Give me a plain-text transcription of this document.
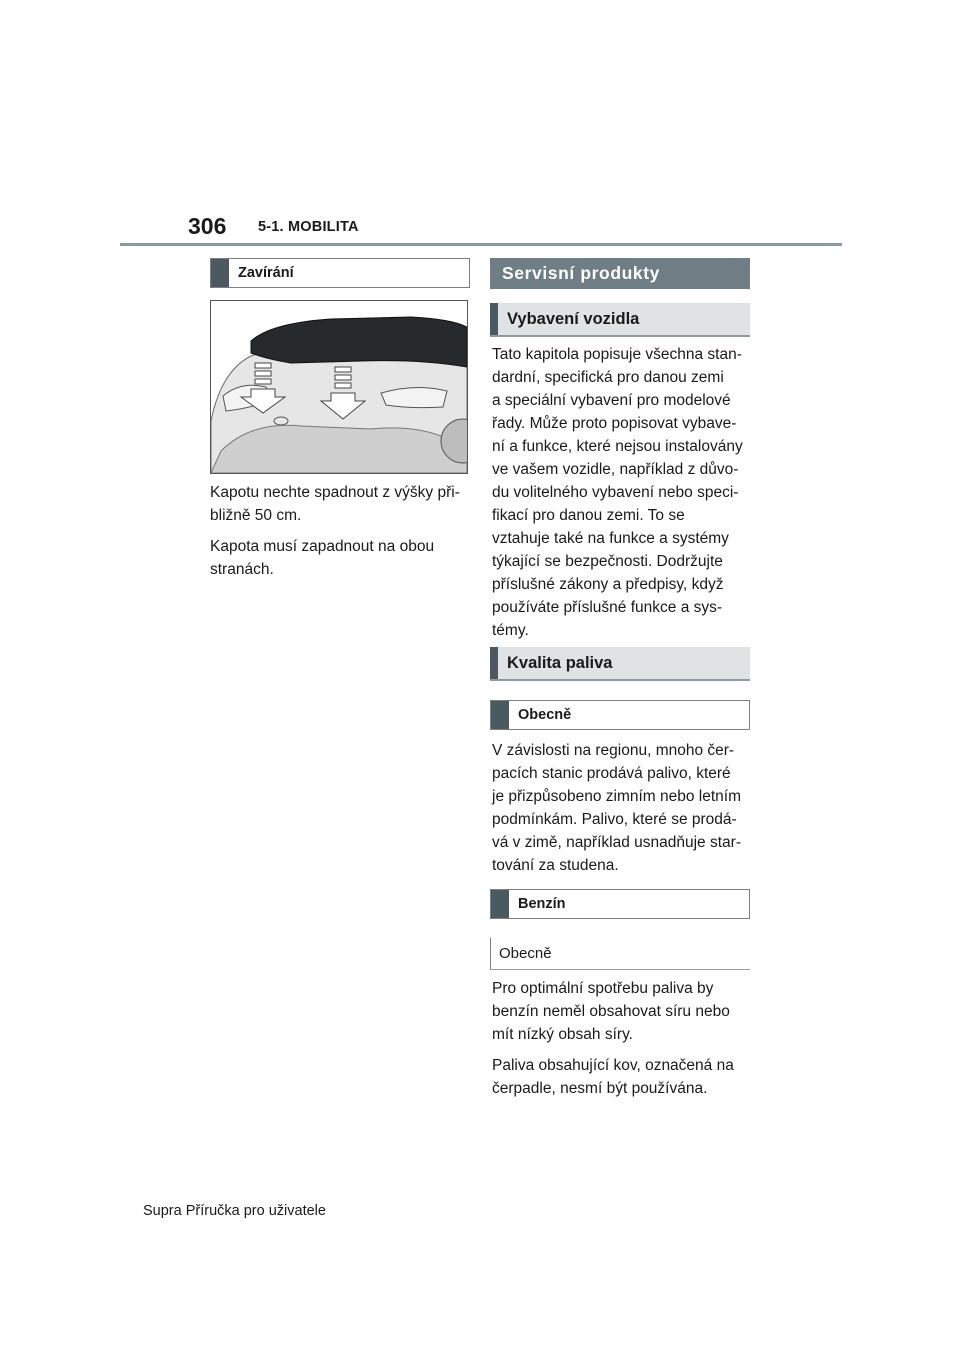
306 5-1. MOBILITA
Zavírání

Kapotu nechte spadnout z výšky při-
bližně 50 cm.

Kapota musí zapadnout na obou
stranách.

Servisní produkty
Vybavení vozidla

Tato kapitola popisuje všechna stan-
dardní, specifická pro danou zemi
a speciální vybavení pro modelové
řady. Může proto popisovat vybave-
ní a funkce, které nejsou instalovány
ve vašem vozidle, například z důvo-
du volitelného vybavení nebo speci-
fikací pro danou zemi. To se
vztahuje také na funkce a systémy
týkající se bezpečnosti. Dodržujte
příslušné zákony a předpisy, když
používáte příslušné funkce a sys-
témy.

Kvalita paliva
Obecně

V závislosti na regionu, mnoho čer-
pacích stanic prodává palivo, které
je přizpůsobeno zimním nebo letním
podmínkám. Palivo, které se prodá-
vá v zimě, například usnadňuje star-
tování za studena.

Benzín
Obecně

Pro optimální spotřebu paliva by
benzín neměl obsahovat síru nebo
mít nízký obsah síry.

Paliva obsahující kov, označená na
čerpadle, nesmí být používána.

Supra Příručka pro uživatele
